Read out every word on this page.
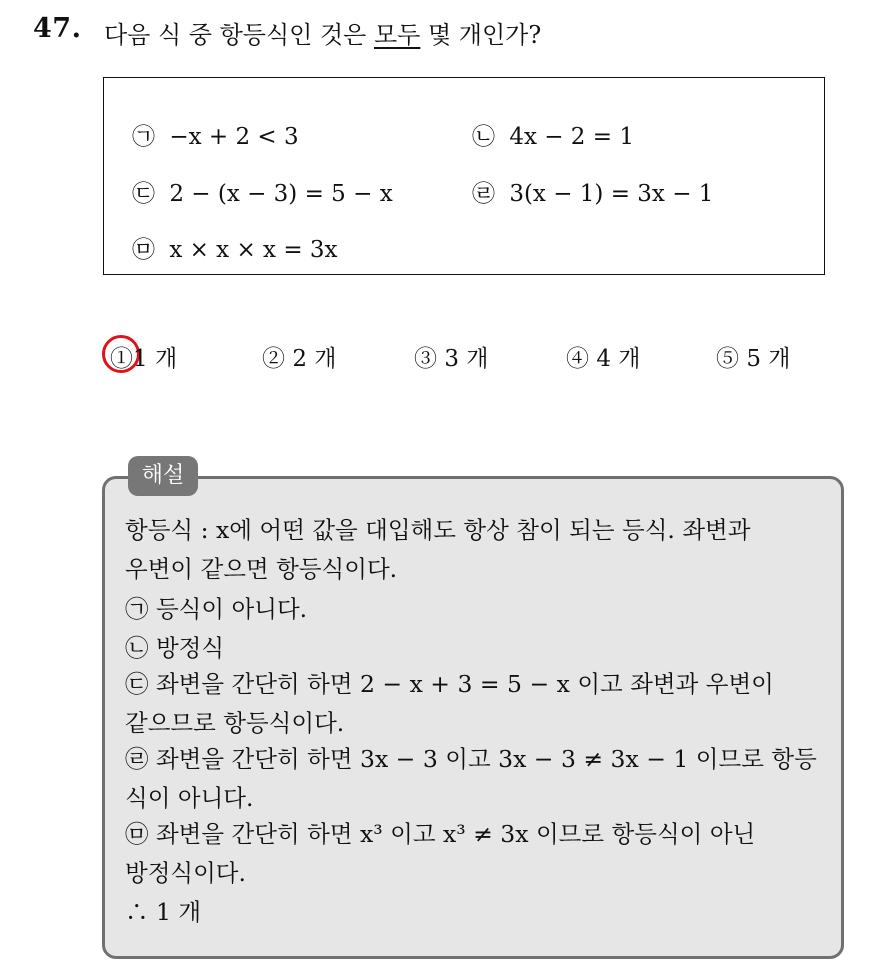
47. 다음 식 중 항등식인 것은 모두 몇 개인가?
㉠ −x + 2 < 3	㉡ 4x − 2 = 1
㉢ 2 − (x − 3) = 5 − x	㉣ 3(x − 1) = 3x − 1
㉤ x × x × x = 3x
①1 개	② 2 개	③ 3 개	④ 4 개	⑤ 5 개
해설
항등식 : x에 어떤 값을 대입해도 항상 참이 되는 등식. 좌변과
우변이 같으면 항등식이다.
㉠ 등식이 아니다.
㉡ 방정식
㉢ 좌변을 간단히 하면 2 − x + 3 = 5 − x 이고 좌변과 우변이
같으므로 항등식이다.
㉣ 좌변을 간단히 하면 3x − 3 이고 3x − 3 ≠ 3x − 1 이므로 항등
식이 아니다.
㉤ 좌변을 간단히 하면 x³ 이고 x³ ≠ 3x 이므로 항등식이 아닌
방정식이다.
∴ 1 개
